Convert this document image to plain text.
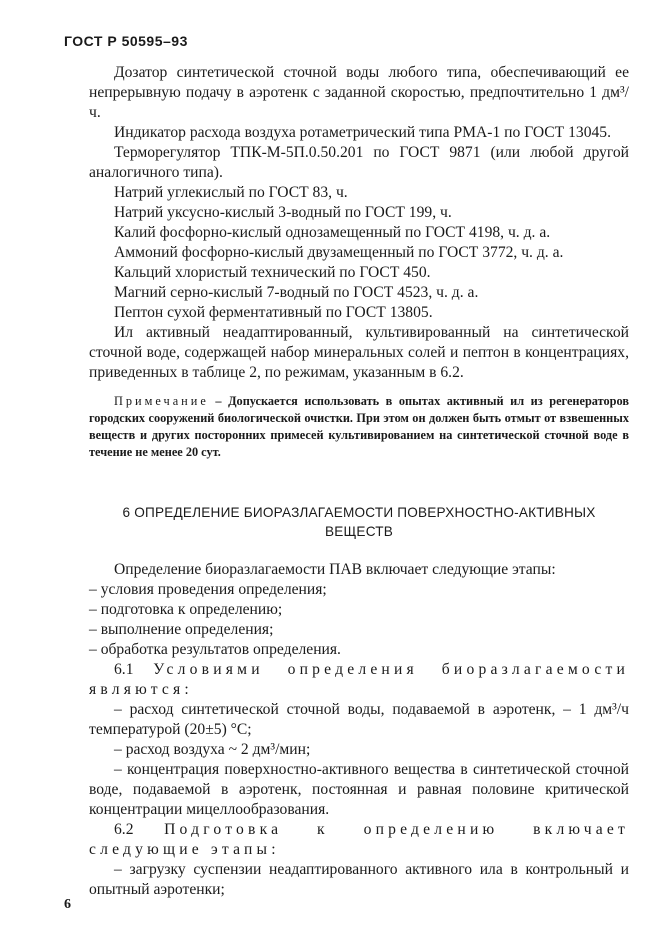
ГОСТ Р 50595–93

Дозатор синтетической сточной воды любого типа, обеспечивающий ее непрерывную подачу в аэротенк с заданной скоростью, предпочтительно 1 дм³/ч.

Индикатор расхода воздуха ротаметрический типа РМА-1 по ГОСТ 13045.

Терморегулятор ТПК-М-5П.0.50.201 по ГОСТ 9871 (или любой другой аналогичного типа).

Натрий углекислый по ГОСТ 83, ч.

Натрий уксусно-кислый 3-водный по ГОСТ 199, ч.

Калий фосфорно-кислый однозамещенный по ГОСТ 4198, ч. д. а.

Аммоний фосфорно-кислый двузамещенный по ГОСТ 3772, ч. д. а.

Кальций хлористый технический по ГОСТ 450.

Магний серно-кислый 7-водный по ГОСТ 4523, ч. д. а.

Пептон сухой ферментативный по ГОСТ 13805.

Ил активный неадаптированный, культивированный на синтетической сточной воде, содержащей набор минеральных солей и пептон в концентрациях, приведенных в таблице 2, по режимам, указанным в 6.2.

Примечание – Допускается использовать в опытах активный ил из регенераторов городских сооружений биологической очистки. При этом он должен быть отмыт от взвешенных веществ и других посторонних примесей культивированием на синтетической сточной воде в течение не менее 20 сут.

6 ОПРЕДЕЛЕНИЕ БИОРАЗЛАГАЕМОСТИ ПОВЕРХНОСТНО-АКТИВНЫХ ВЕЩЕСТВ

Определение биоразлагаемости ПАВ включает следующие этапы:

– условия проведения определения;

– подготовка к определению;

– выполнение определения;

– обработка результатов определения.

6.1 Условиями определения биоразлагаемости являются:

– расход синтетической сточной воды, подаваемой в аэротенк, – 1 дм³/ч температурой (20±5) °С;

– расход воздуха ~ 2 дм³/мин;

– концентрация поверхностно-активного вещества в синтетической сточной воде, подаваемой в аэротенк, постоянная и равная половине критической концентрации мицеллообразования.

6.2 Подготовка к определению включает следующие этапы:

– загрузку суспензии неадаптированного активного ила в контрольный и опытный аэротенки;

6
